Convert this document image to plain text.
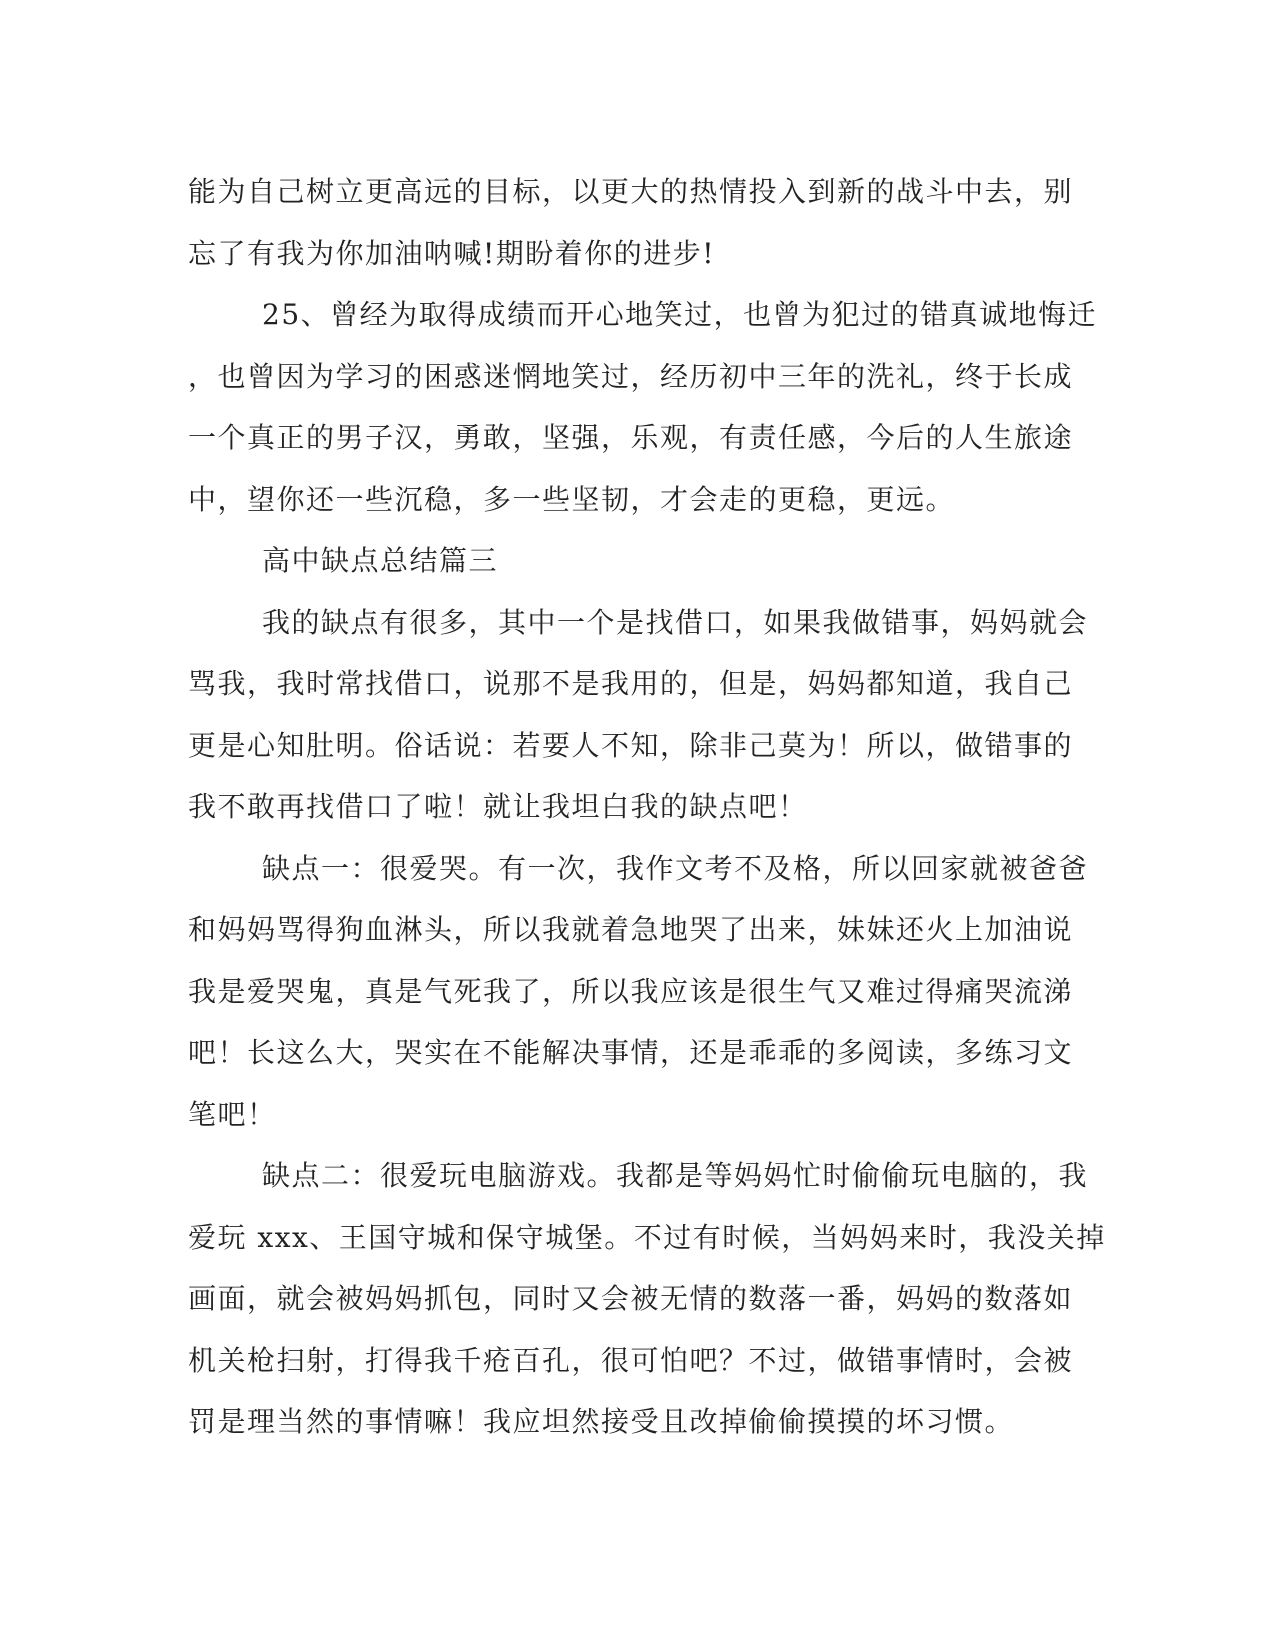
能为自己树立更高远的目标，以更大的热情投入到新的战斗中去，别
忘了有我为你加油呐喊!期盼着你的进步!
25、曾经为取得成绩而开心地笑过，也曾为犯过的错真诚地悔迁
，也曾因为学习的困惑迷惘地笑过，经历初中三年的洗礼，终于长成
一个真正的男子汉，勇敢，坚强，乐观，有责任感，今后的人生旅途
中，望你还一些沉稳，多一些坚韧，才会走的更稳，更远。
高中缺点总结篇三
我的缺点有很多，其中一个是找借口，如果我做错事，妈妈就会
骂我，我时常找借口，说那不是我用的，但是，妈妈都知道，我自己
更是心知肚明。俗话说：若要人不知，除非己莫为！所以，做错事的
我不敢再找借口了啦！就让我坦白我的缺点吧！
缺点一：很爱哭。有一次，我作文考不及格，所以回家就被爸爸
和妈妈骂得狗血淋头，所以我就着急地哭了出来，妹妹还火上加油说
我是爱哭鬼，真是气死我了，所以我应该是很生气又难过得痛哭流涕
吧！长这么大，哭实在不能解决事情，还是乖乖的多阅读，多练习文
笔吧！
缺点二：很爱玩电脑游戏。我都是等妈妈忙时偷偷玩电脑的，我
爱玩 xxx、王国守城和保守城堡。不过有时候，当妈妈来时，我没关掉
画面，就会被妈妈抓包，同时又会被无情的数落一番，妈妈的数落如
机关枪扫射，打得我千疮百孔，很可怕吧？不过，做错事情时，会被
罚是理当然的事情嘛！我应坦然接受且改掉偷偷摸摸的坏习惯。
